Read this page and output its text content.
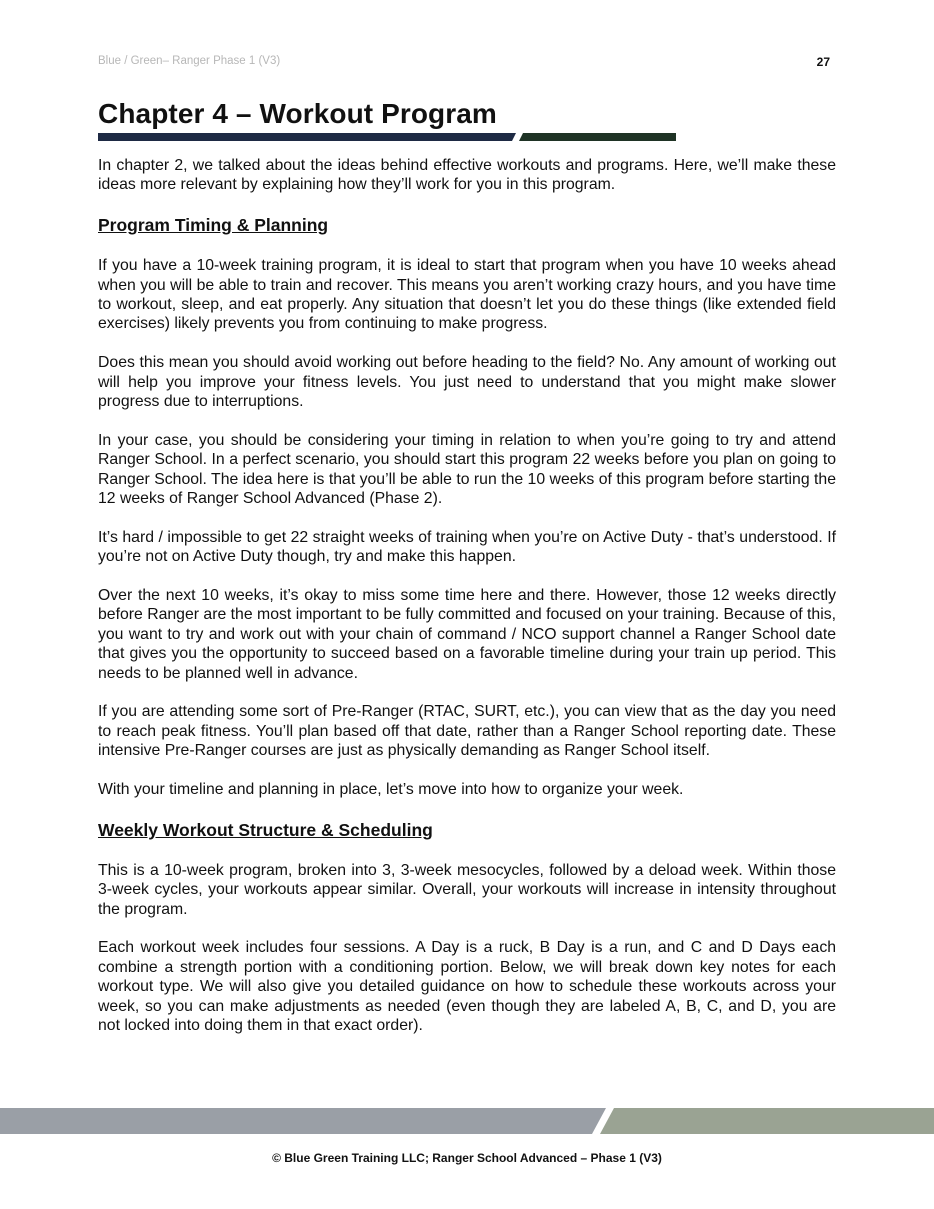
Blue / Green– Ranger Phase 1 (V3)	27
Chapter 4 – Workout Program

In chapter 2, we talked about the ideas behind effective workouts and programs. Here, we’ll make these ideas more relevant by explaining how they’ll work for you in this program.

Program Timing & Planning

If you have a 10-week training program, it is ideal to start that program when you have 10 weeks ahead when you will be able to train and recover. This means you aren’t working crazy hours, and you have time to workout, sleep, and eat properly. Any situation that doesn’t let you do these things (like extended field exercises) likely prevents you from continuing to make progress.

Does this mean you should avoid working out before heading to the field? No. Any amount of working out will help you improve your fitness levels. You just need to understand that you might make slower progress due to interruptions.

In your case, you should be considering your timing in relation to when you’re going to try and attend Ranger School. In a perfect scenario, you should start this program 22 weeks before you plan on going to Ranger School. The idea here is that you’ll be able to run the 10 weeks of this program before starting the 12 weeks of Ranger School Advanced (Phase 2).

It’s hard / impossible to get 22 straight weeks of training when you’re on Active Duty - that’s understood. If you’re not on Active Duty though, try and make this happen.

Over the next 10 weeks, it’s okay to miss some time here and there. However, those 12 weeks directly before Ranger are the most important to be fully committed and focused on your training. Because of this, you want to try and work out with your chain of command / NCO support channel a Ranger School date that gives you the opportunity to succeed based on a favorable timeline during your train up period. This needs to be planned well in advance.

If you are attending some sort of Pre-Ranger (RTAC, SURT, etc.), you can view that as the day you need to reach peak fitness. You’ll plan based off that date, rather than a Ranger School reporting date. These intensive Pre-Ranger courses are just as physically demanding as Ranger School itself.

With your timeline and planning in place, let’s move into how to organize your week.

Weekly Workout Structure & Scheduling

This is a 10-week program, broken into 3, 3-week mesocycles, followed by a deload week. Within those 3-week cycles, your workouts appear similar. Overall, your workouts will increase in intensity throughout the program.

Each workout week includes four sessions. A Day is a ruck, B Day is a run, and C and D Days each combine a strength portion with a conditioning portion. Below, we will break down key notes for each workout type. We will also give you detailed guidance on how to schedule these workouts across your week, so you can make adjustments as needed (even though they are labeled A, B, C, and D, you are not locked into doing them in that exact order).

© Blue Green Training LLC; Ranger School Advanced – Phase 1 (V3)
